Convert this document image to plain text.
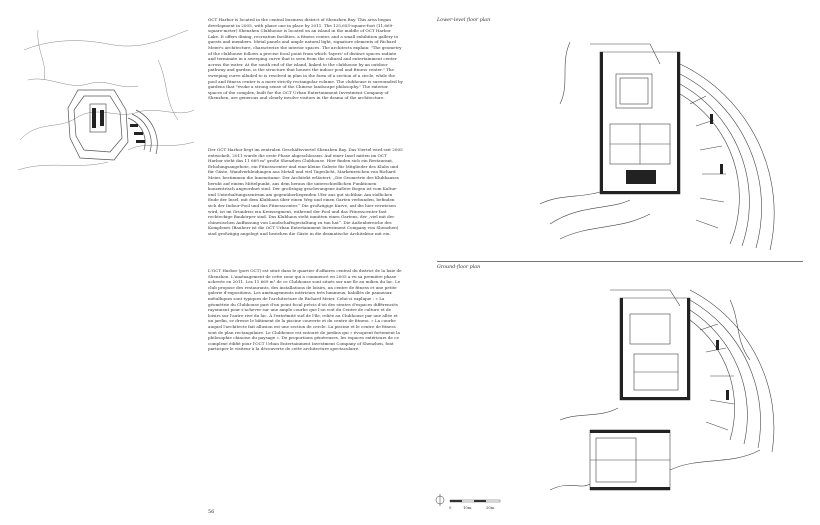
OCT Harbor is located in the central business district of Shenzhen Bay. This area began development in 2005, with phase one in place by 2011. The 125,655-square-foot (11,669-square-meter) Shenzhen Clubhouse is located on an island in the middle of OCT Harbor Lake. It offers dining, recreation facilities, a fitness center, and a small exhibition gallery to guests and members. Metal panels and ample natural light, signature elements of Richard Meier's architecture, characterize the interior spaces. The architects explain: "The geometry of the clubhouse follows a precise focal point from which 'layers' of distinct spaces radiate and terminate in a sweeping curve that is seen from the cultural and entertainment center across the water. At the south end of the island, linked to the clubhouse by an outdoor pathway and garden, is the structure that houses the indoor pool and fitness center." The sweeping curve alluded to is resolved in plan in the form of a section of a circle, while the pool and fitness center is a more strictly rectangular volume. The clubhouse is surrounded by gardens that "evoke a strong sense of the Chinese landscape philosophy." The exterior spaces of the complex, built for the OCT Urban Entertainment Investment Company of Shenzhen, are generous and clearly involve visitors in the drama of the architecture.

Der OCT Harbor liegt im zentralen Geschäftsviertel Shenzhen Bay. Das Viertel wird seit 2005 entwickelt, 2011 wurde die erste Phase abgeschlossen. Auf einer Insel mitten im OCT Harbor steht das 11 669 m² große Shenzhen Clubhouse. Hier finden sich ein Restaurant, Erholungsangebote, ein Fitnesscenter und eine kleine Galerie für Mitglieder des Klubs und für Gäste. Wandverkleidungen aus Metall und viel Tageslicht, Markenzeichen von Richard Meier, bestimmen die Innenräume. Der Architekt erläutert: „Die Geometrie des Klubhauses beruht auf einem Mittelpunkt, aus dem heraus die unterschiedlichen Funktionen konzentrisch angeordnet sind. Der großzügig geschwungene äußere Bogen ist vom Kultur- und Unterhaltungszentrum am gegenüberliegenden Ufer aus gut sichtbar. Am südlichen Ende der Insel, mit dem Klubhaus über einen Weg und einen Garten verbunden, befinden sich der Indoor-Pool und das Fitnesscenter.“ Die großzügige Kurve, auf die hier verwiesen wird, ist im Grundriss ein Kreissegment, während der Pool und das Fitnesscenter fast rechteckige Baukörper sind. Das Klubhaus steht inmitten eines Gartens, der „viel mit der chinesischen Auffassung von Landschaftsgestaltung zu tun hat“. Die Außenbereiche des Komplexes (Bauherr ist die OCT Urban Entertainment Investment Company von Shenzhen) sind großzügig angelegt und beziehen die Gäste in die dramatische Architektur mit ein.

L'OCT Harbor (port OCT) est situé dans le quartier d'affaires central du district de la baie de Shenzhen. L'aménagement de cette zone qui a commencé en 2005 a vu sa première phase achevée en 2011. Les 11 669 m² de ce Clubhouse sont situés sur une île au milieu du lac. Le club propose des restaurants, des installations de loisirs, un centre de fitness et une petite galerie d'expositions. Les aménagements intérieurs très lumineux, habillés de panneaux métalliques sont typiques de l'architecture de Richard Meier. Celui-ci explique : « La géométrie du Clubhouse part d'un point focal précis d'où des strates d'espaces différenciés rayonnent pour s'achever sur une ample courbe que l'on voit du Centre de culture et de loisirs sur l'autre rive du lac. À l'extrémité sud de l'île, reliée au Clubhouse par une allée et un jardin, se dresse le bâtiment de la piscine couverte et du centre de fitness. » La courbe auquel l'architecte fait allusion est une section de cercle. La piscine et le centre de fitness sont de plan rectangulaire. Le Clubhouse est entouré de jardins qui « évoquent fortement la philosophie chinoise du paysage ». De proportions généreuses, les espaces extérieurs de ce complexe édifié pour l'OCT Urban Entertainment Investment Company of Shenzhen, font participer le visiteur à la découverte de cette architecture spectaculaire.

56
Lower-level floor plan
Ground-floor plan
0	10m	20m
